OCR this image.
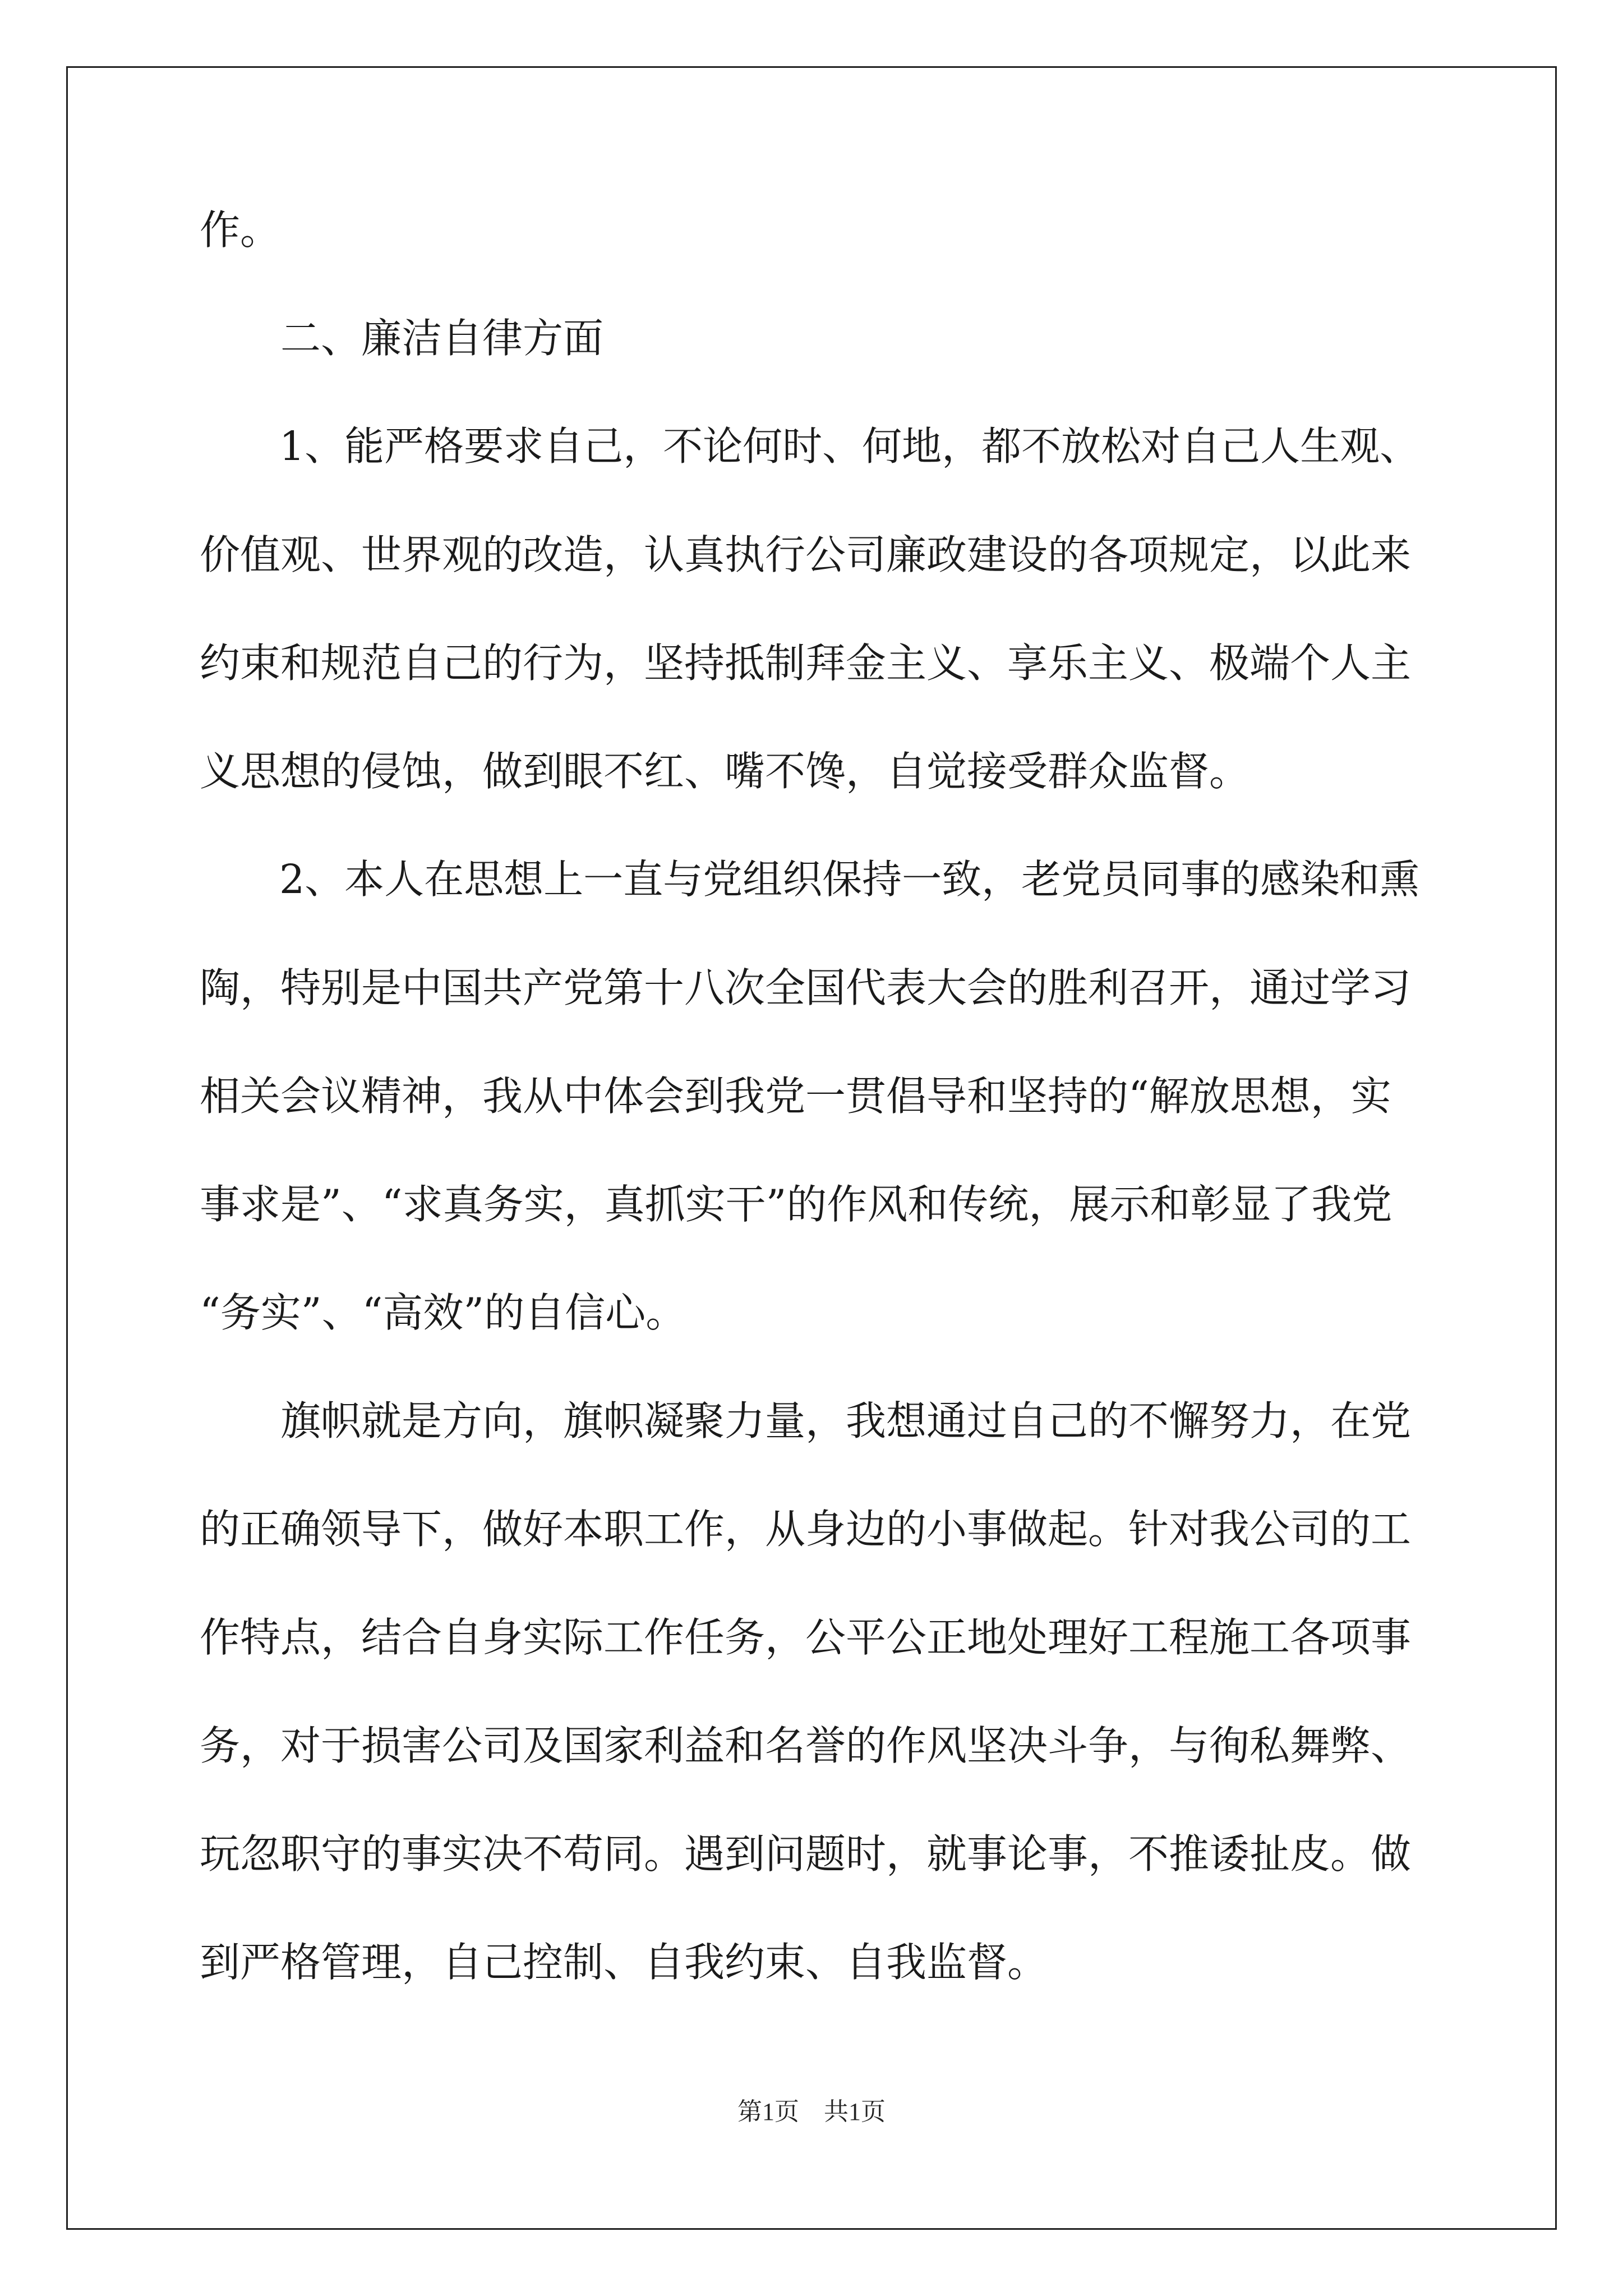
作。
　　二、廉洁自律方面
　　1、能严格要求自己，不论何时、何地，都不放松对自己人生观、
价值观、世界观的改造，认真执行公司廉政建设的各项规定，以此来
约束和规范自己的行为，坚持抵制拜金主义、享乐主义、极端个人主
义思想的侵蚀，做到眼不红、嘴不馋，自觉接受群众监督。
　　2、本人在思想上一直与党组织保持一致，老党员同事的感染和熏
陶，特别是中国共产党第十八次全国代表大会的胜利召开，通过学习
相关会议精神，我从中体会到我党一贯倡导和坚持的“解放思想，实
事求是”、“求真务实，真抓实干”的作风和传统，展示和彰显了我党
“务实”、“高效”的自信心。
　　旗帜就是方向，旗帜凝聚力量，我想通过自己的不懈努力，在党
的正确领导下，做好本职工作，从身边的小事做起。针对我公司的工
作特点，结合自身实际工作任务，公平公正地处理好工程施工各项事
务，对于损害公司及国家利益和名誉的作风坚决斗争，与徇私舞弊、
玩忽职守的事实决不苟同。遇到问题时，就事论事，不推诿扯皮。做
到严格管理，自己控制、自我约束、自我监督。
第1页　共1页
